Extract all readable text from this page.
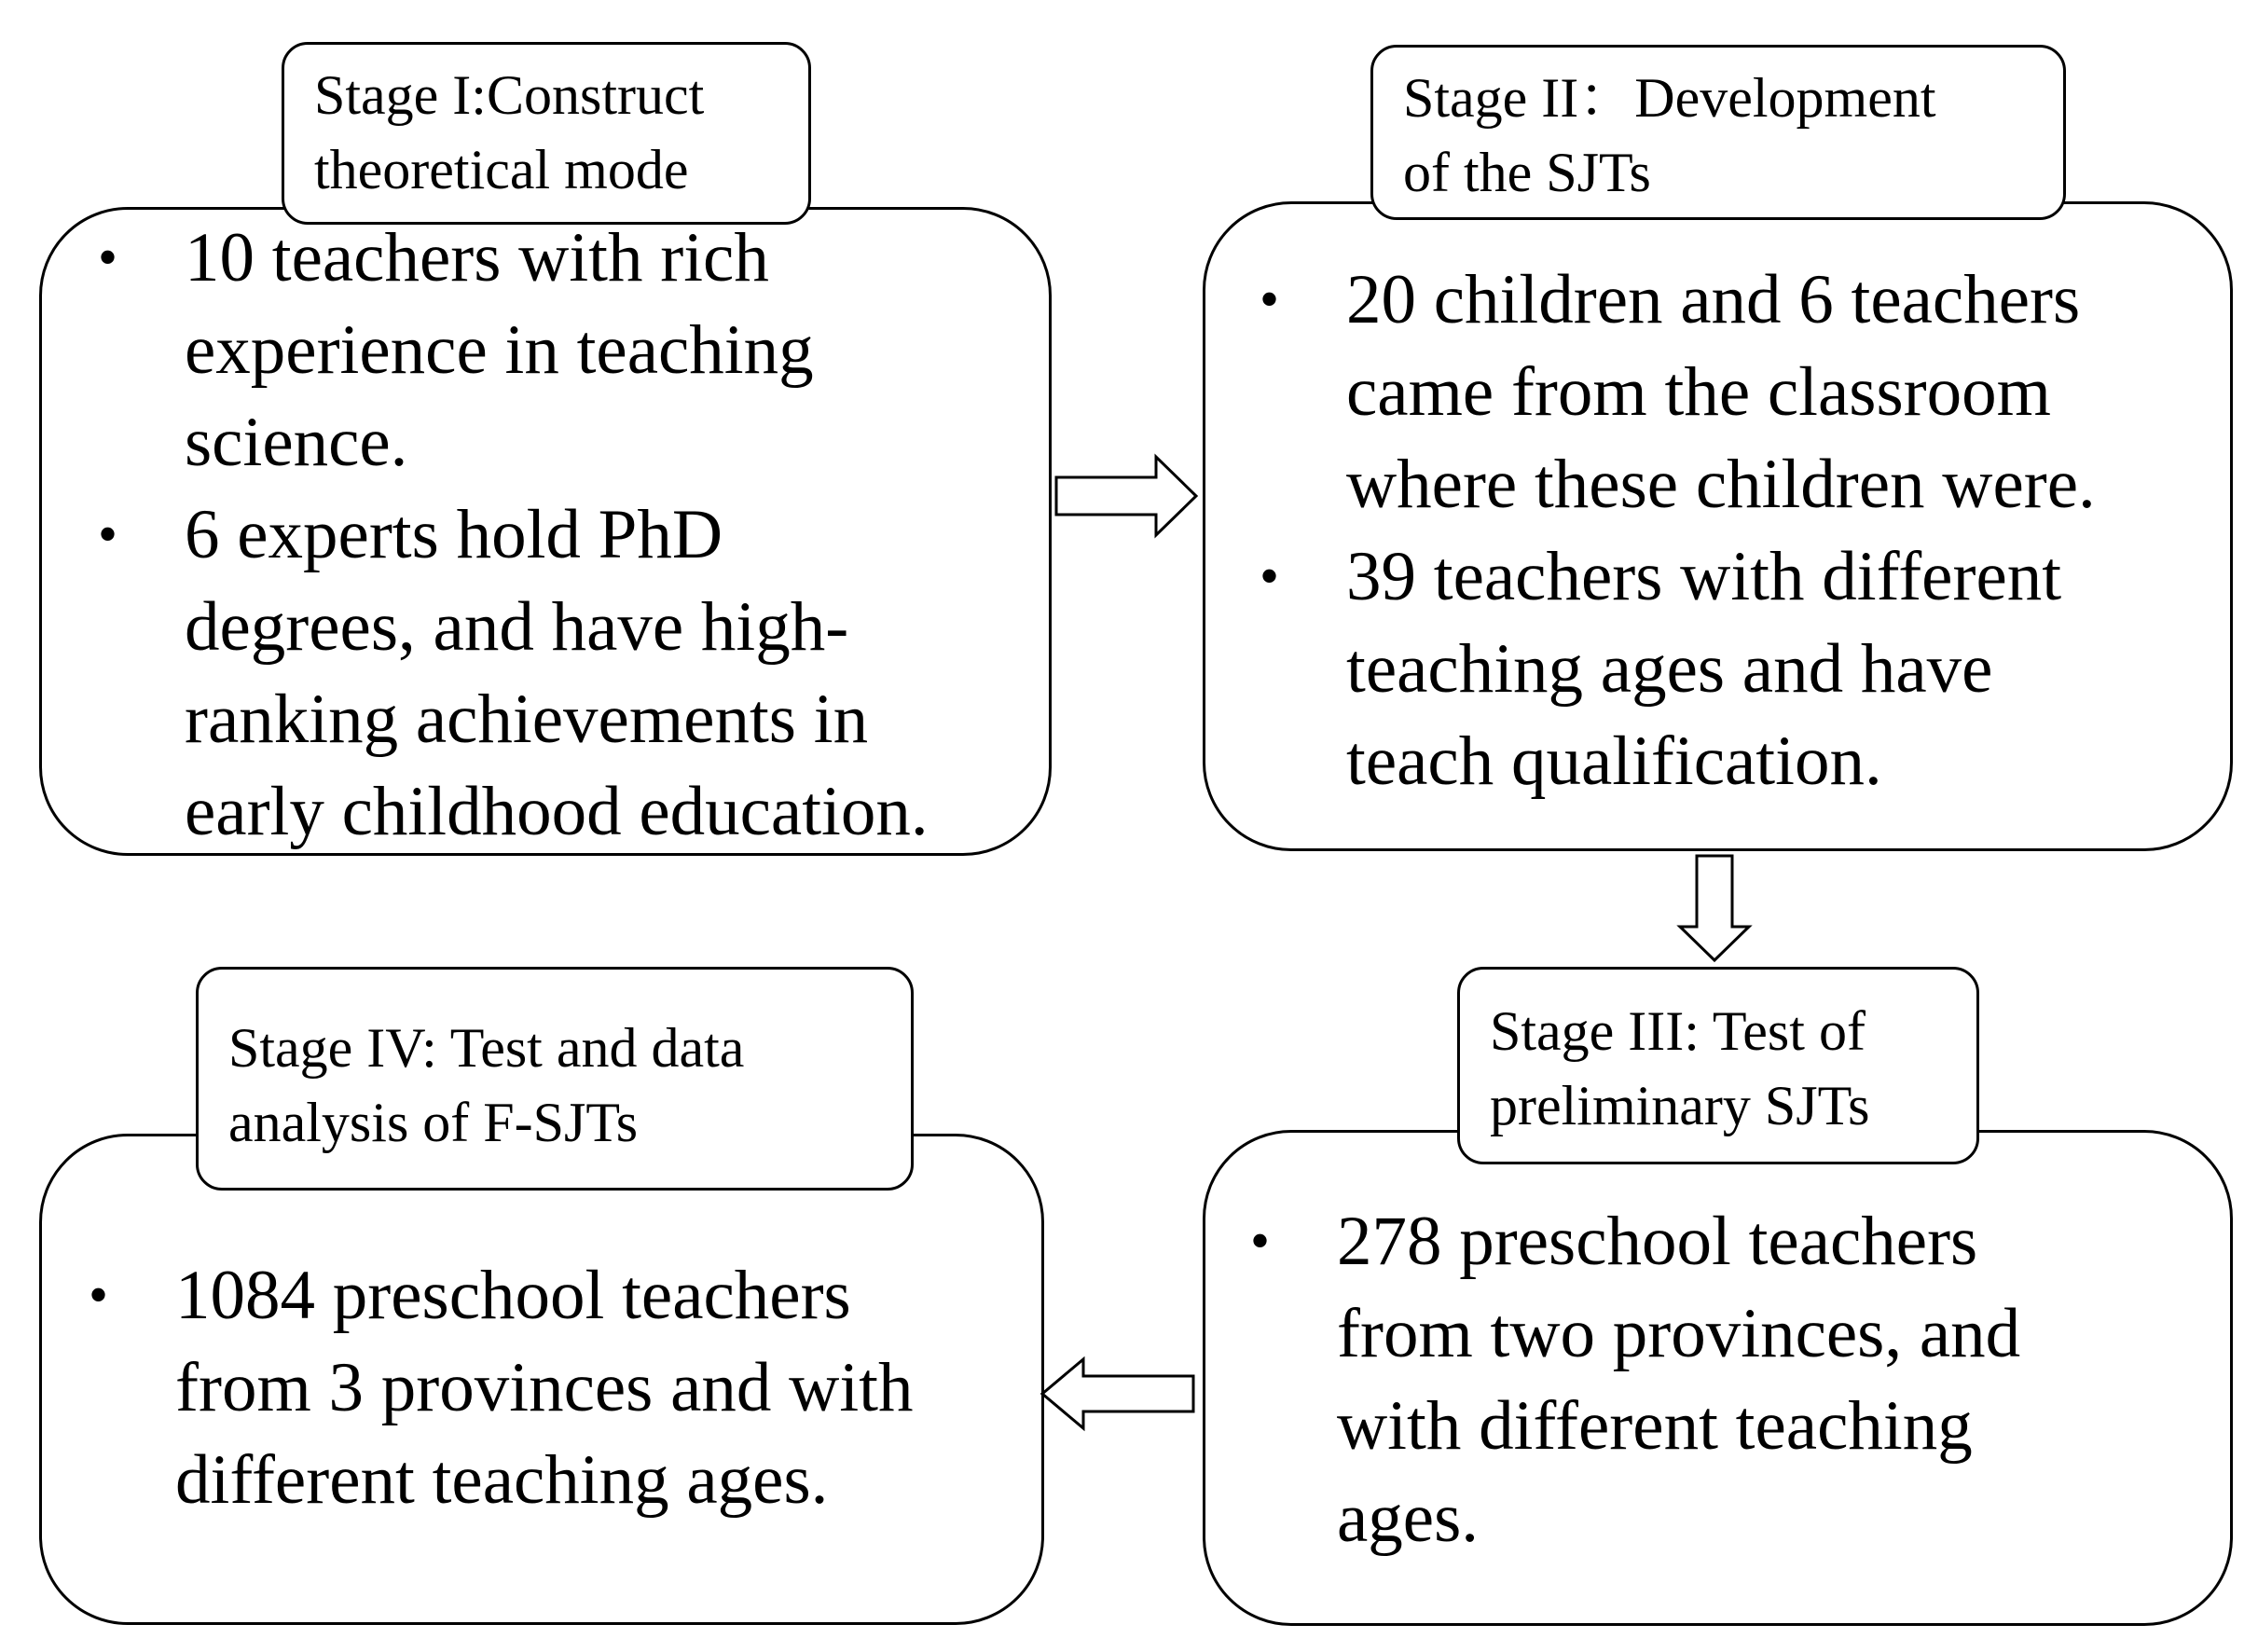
Stage I:Construct
theoretical mode
• 10 teachers with rich
experience in teaching
science.
• 6 experts hold PhD
degrees, and have high-
ranking achievements in
early childhood education.
Stage II：Development
of the SJTs
• 20 children and 6 teachers
came from the classroom
where these children were.
• 39 teachers with different
teaching ages and have
teach qualification.
Stage III: Test of
preliminary SJTs
• 278 preschool teachers
from two provinces, and
with different teaching
ages.
Stage IV: Test and data
analysis of F-SJTs
• 1084 preschool teachers
from 3 provinces and with
different teaching ages.
